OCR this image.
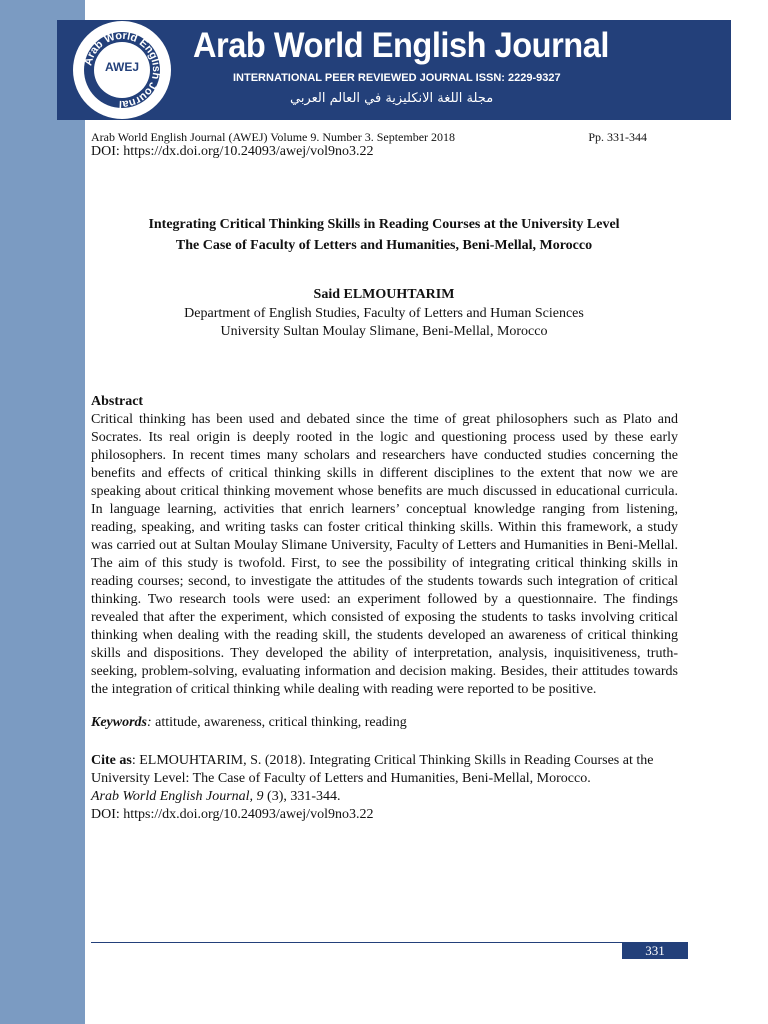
Arab World English Journal
AWEJ
Arab World English Journal
INTERNATIONAL PEER REVIEWED JOURNAL ISSN: 2229-9327
مجلة اللغة الانكليزية في العالم العربي
Arab World English Journal (AWEJ) Volume 9. Number 3. September 2018	Pp. 331-344
DOI: https://dx.doi.org/10.24093/awej/vol9no3.22
Integrating Critical Thinking Skills in Reading Courses at the University Level
The Case of Faculty of Letters and Humanities, Beni-Mellal, Morocco
Said ELMOUHTARIM
Department of English Studies, Faculty of Letters and Human Sciences
University Sultan Moulay Slimane, Beni-Mellal, Morocco
Abstract

Critical thinking has been used and debated since the time of great philosophers such as Plato and Socrates. Its real origin is deeply rooted in the logic and questioning process used by these early philosophers. In recent times many scholars and researchers have conducted studies concerning the benefits and effects of critical thinking skills in different disciplines to the extent that now we are speaking about critical thinking movement whose benefits are much discussed in educational curricula. In language learning, activities that enrich learners’ conceptual knowledge ranging from listening, reading, speaking, and writing tasks can foster critical thinking skills. Within this framework, a study was carried out at Sultan Moulay Slimane University, Faculty of Letters and Humanities in Beni-Mellal. The aim of this study is twofold. First, to see the possibility of integrating critical thinking skills in reading courses; second, to investigate the attitudes of the students towards such integration of critical thinking. Two research tools were used: an experiment followed by a questionnaire. The findings revealed that after the experiment, which consisted of exposing the students to tasks involving critical thinking when dealing with the reading skill, the students developed an awareness of critical thinking skills and dispositions. They developed the ability of interpretation, analysis, inquisitiveness, truth-seeking, problem-solving, evaluating information and decision making. Besides, their attitudes towards the integration of critical thinking while dealing with reading were reported to be positive.

Keywords: attitude, awareness, critical thinking, reading

Cite as: ELMOUHTARIM, S. (2018). Integrating Critical Thinking Skills in Reading Courses at the University Level: The Case of Faculty of Letters and Humanities, Beni-Mellal, Morocco.
Arab World English Journal, 9 (3), 331-344.
DOI: https://dx.doi.org/10.24093/awej/vol9no3.22

331
